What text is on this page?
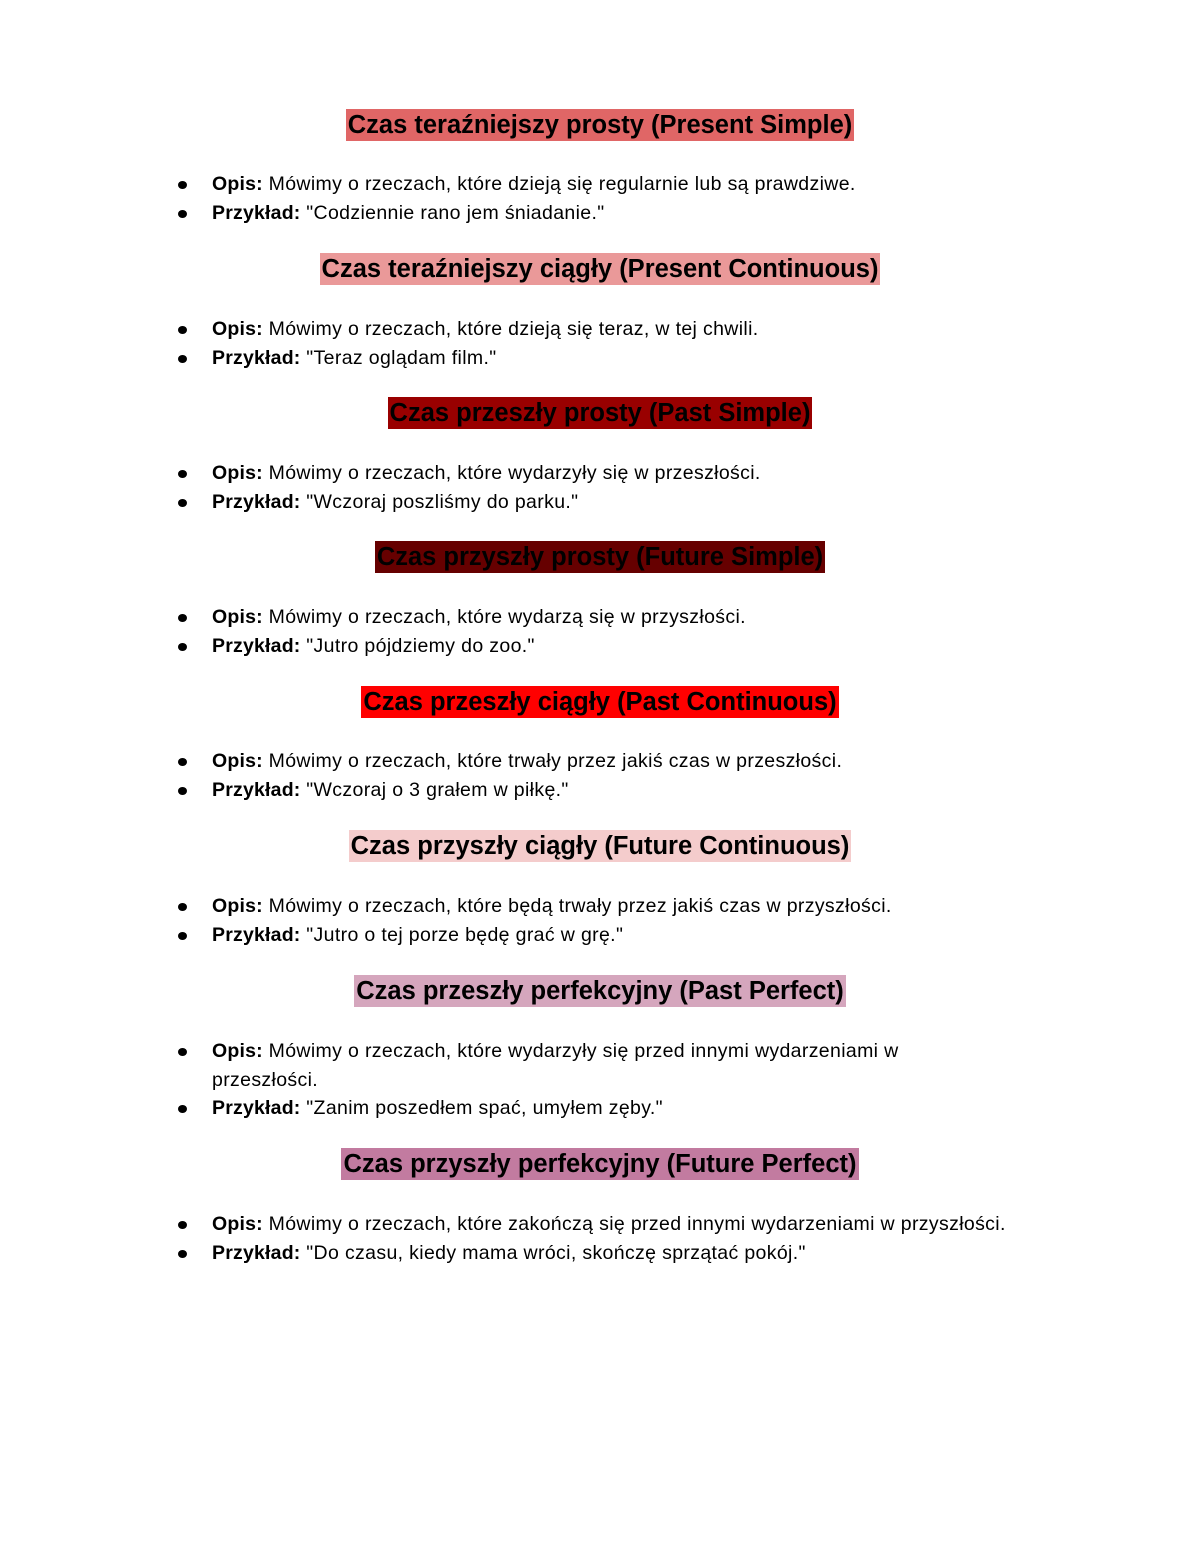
Czas teraźniejszy prosty (Present Simple)
Opis: Mówimy o rzeczach, które dzieją się regularnie lub są prawdziwe.
Przykład: "Codziennie rano jem śniadanie."
Czas teraźniejszy ciągły (Present Continuous)
Opis: Mówimy o rzeczach, które dzieją się teraz, w tej chwili.
Przykład: "Teraz oglądam film."
Czas przeszły prosty (Past Simple)
Opis: Mówimy o rzeczach, które wydarzyły się w przeszłości.
Przykład: "Wczoraj poszliśmy do parku."
Czas przyszły prosty (Future Simple)
Opis: Mówimy o rzeczach, które wydarzą się w przyszłości.
Przykład: "Jutro pójdziemy do zoo."
Czas przeszły ciągły (Past Continuous)
Opis: Mówimy o rzeczach, które trwały przez jakiś czas w przeszłości.
Przykład: "Wczoraj o 3 grałem w piłkę."
Czas przyszły ciągły (Future Continuous)
Opis: Mówimy o rzeczach, które będą trwały przez jakiś czas w przyszłości.
Przykład: "Jutro o tej porze będę grać w grę."
Czas przeszły perfekcyjny (Past Perfect)
Opis: Mówimy o rzeczach, które wydarzyły się przed innymi wydarzeniami w przeszłości.
Przykład: "Zanim poszedłem spać, umyłem zęby."
Czas przyszły perfekcyjny (Future Perfect)
Opis: Mówimy o rzeczach, które zakończą się przed innymi wydarzeniami w przyszłości.
Przykład: "Do czasu, kiedy mama wróci, skończę sprzątać pokój."
